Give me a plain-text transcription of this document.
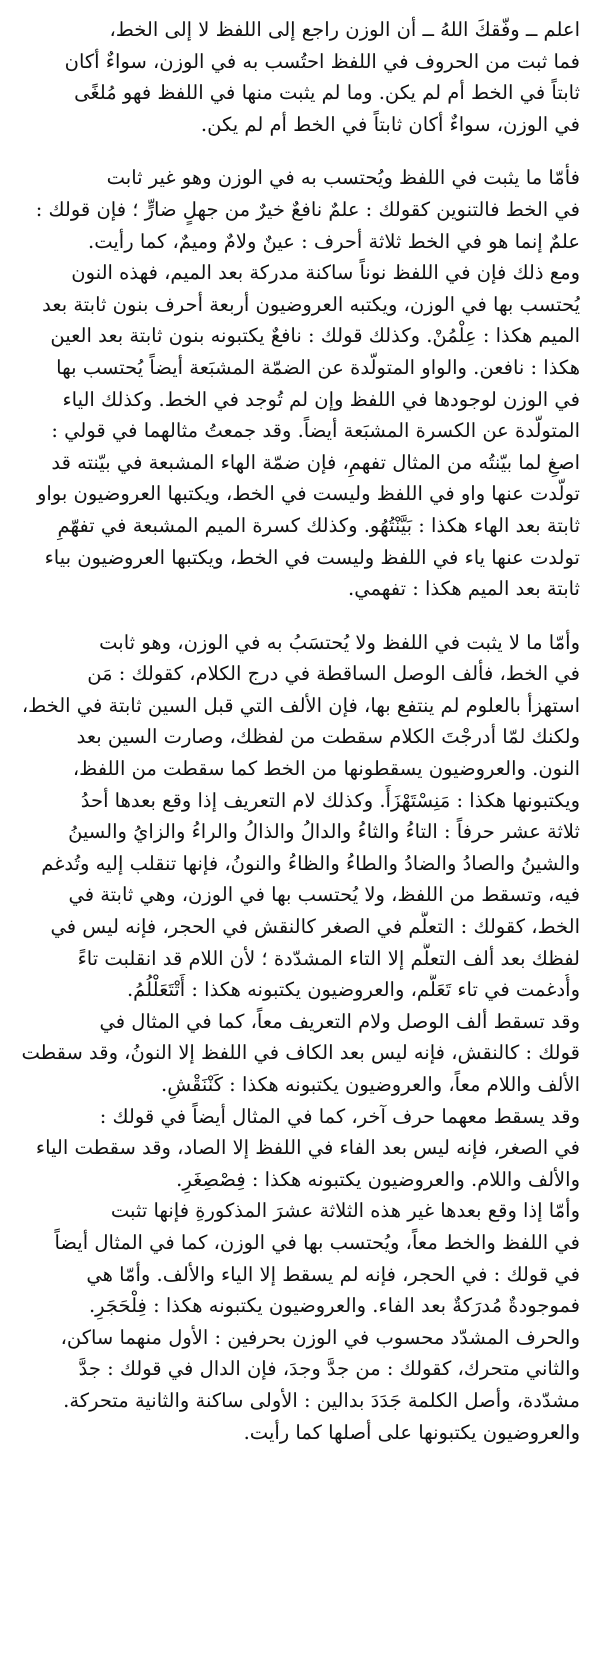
اعلم ــ وفّقكَ اللهُ ــ أن الوزن راجع إلى اللفظ لا إلى الخط،
فما ثبت من الحروف في اللفظ احتُسب به في الوزن، سواءٌ أكان
ثابتاً في الخط أم لم يكن. وما لم يثبت منها في اللفظ فهو مُلغًى
في الوزن، سواءٌ أكان ثابتاً في الخط أم لم يكن.
فأمّا ما يثبت في اللفظ ويُحتسب به في الوزن وهو غير ثابت
في الخط فالتنوين كقولك : علمٌ نافعٌ خيرٌ من جهلٍ ضارٍّ ؛ فإن قولك :
علمٌ إنما هو في الخط ثلاثة أحرف : عينٌ ولامٌ وميمٌ، كما رأيت.
ومع ذلك فإن في اللفظ نوناً ساكنة مدركة بعد الميم، فهذه النون
يُحتسب بها في الوزن، ويكتبه العروضيون أربعة أحرف بنون ثابتة بعد
الميم هكذا : عِلْمُنْ. وكذلك قولك : نافعٌ يكتبونه بنون ثابتة بعد العين
هكذا : نافعن. والواو المتولّدة عن الضمّة المشبَعة أيضاً يُحتسب بها
في الوزن لوجودها في اللفظ وإن لم تُوجد في الخط. وكذلك الياء
المتولّدة عن الكسرة المشبَعة أيضاً. وقد جمعتُ مثالهما في قولي :
اصغِ لما بيّنتُه من المثال تفهمِ، فإن ضمّة الهاء المشبعة في بيّنته قد
تولّدت عنها واو في اللفظ وليست في الخط، ويكتبها العروضيون بواو
ثابتة بعد الهاء هكذا : بَيَّنْتُهُو. وكذلك كسرة الميم المشبعة في تفهّمِ
تولدت عنها ياء في اللفظ وليست في الخط، ويكتبها العروضيون بياء
ثابتة بعد الميم هكذا : تفهمي.
وأمّا ما لا يثبت في اللفظ ولا يُحتسَبُ به في الوزن، وهو ثابت
في الخط، فألف الوصل الساقطة في درج الكلام، كقولك : مَن
استهزأ بالعلوم لم ينتفع بها، فإن الألف التي قبل السين ثابتة في الخط،
ولكنك لمّا أدرجْتَ الكلام سقطت من لفظك، وصارت السين بعد
النون. والعروضيون يسقطونها من الخط كما سقطت من اللفظ،
ويكتبونها هكذا : مَنِسْتَهْزَأَ. وكذلك لام التعريف إذا وقع بعدها أحدُ
ثلاثة عشر حرفاً : التاءُ والثاءُ والدالُ والذالُ والراءُ والزايُ والسينُ
والشينُ والصادُ والضادُ والطاءُ والظاءُ والنونُ، فإنها تنقلب إليه وتُدغم
فيه، وتسقط من اللفظ، ولا يُحتسب بها في الوزن، وهي ثابتة في
الخط، كقولك : التعلُّم في الصغر كالنقش في الحجر، فإنه ليس في
لفظك بعد ألف التعلُّم إلا التاء المشدّدة ؛ لأن اللام قد انقلبت تاءً
وأُدغمت في تاء تَعَلُّم، والعروضيون يكتبونه هكذا : أَتْتَعَلْلُمُ.
وقد تسقط ألف الوصل ولام التعريف معاً، كما في المثال في
قولك : كالنقش، فإنه ليس بعد الكاف في اللفظ إلا النونُ، وقد سقطت
الألف واللام معاً، والعروضيون يكتبونه هكذا : كَنْنَقْشِ.
وقد يسقط معهما حرف آخر، كما في المثال أيضاً في قولك :
في الصغر، فإنه ليس بعد الفاء في اللفظ إلا الصاد، وقد سقطت الياء
والألف واللام. والعروضيون يكتبونه هكذا : فِصْصِغَرِ.
وأمّا إذا وقع بعدها غير هذه الثلاثة عشرَ المذكورةِ فإنها تثبت
في اللفظ والخط معاً، ويُحتسب بها في الوزن، كما في المثال أيضاً
في قولك : في الحجر، فإنه لم يسقط إلا الياء والألف. وأمّا هي
فموجودةٌ مُدرَكةٌ بعد الفاء. والعروضيون يكتبونه هكذا : فِلْحَجَرِ.
والحرف المشدّد محسوب في الوزن بحرفين : الأول منهما ساكن،
والثاني متحرك، كقولك : من جدَّ وجدَ، فإن الدال في قولك : جدَّ
مشدّدة، وأصل الكلمة جَدَدَ بدالين : الأولى ساكنة والثانية متحركة.
والعروضيون يكتبونها على أصلها كما رأيت.
